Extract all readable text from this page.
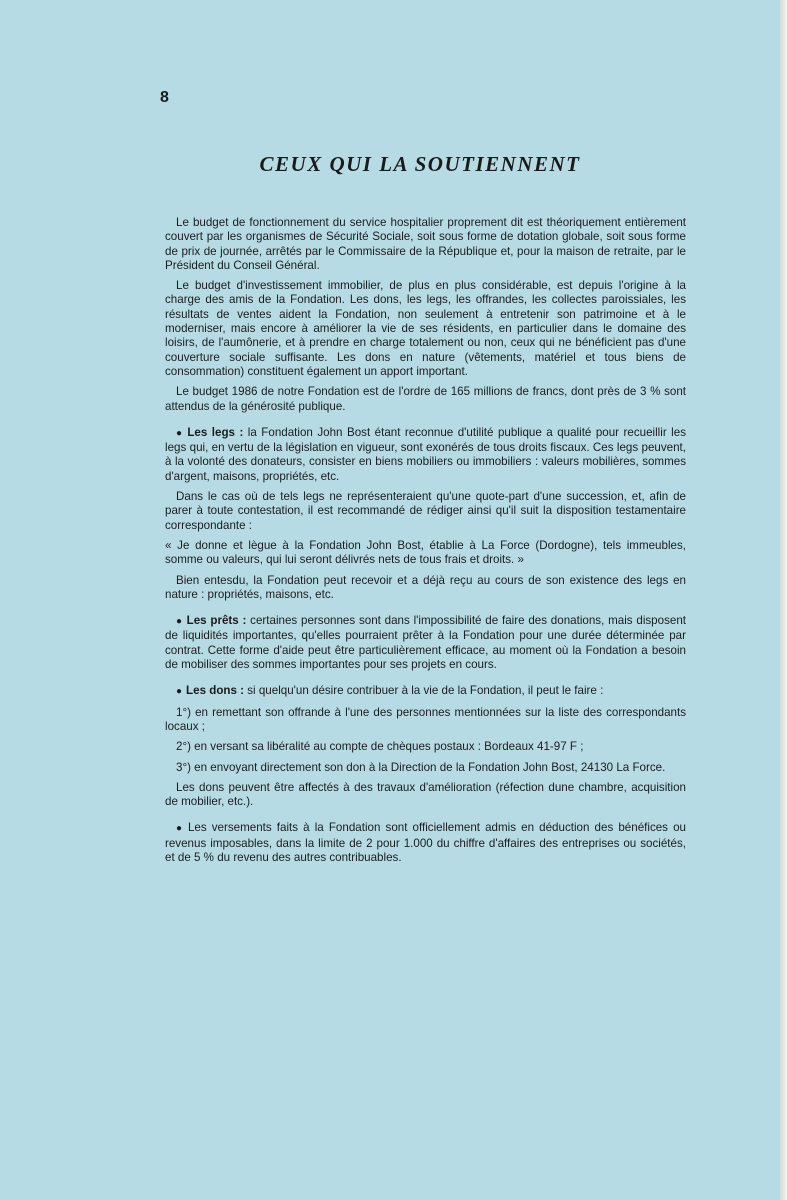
8
CEUX QUI LA SOUTIENNENT

Le budget de fonctionnement du service hospitalier proprement dit est théoriquement entièrement couvert par les organismes de Sécurité Sociale, soit sous forme de dotation globale, soit sous forme de prix de journée, arrêtés par le Commissaire de la République et, pour la maison de retraite, par le Président du Conseil Général.

Le budget d'investissement immobilier, de plus en plus considérable, est depuis l'origine à la charge des amis de la Fondation. Les dons, les legs, les offrandes, les collectes paroissiales, les résultats de ventes aident la Fondation, non seulement à entretenir son patrimoine et à le moderniser, mais encore à améliorer la vie de ses résidents, en particulier dans le domaine des loisirs, de l'aumônerie, et à prendre en charge totalement ou non, ceux qui ne bénéficient pas d'une couverture sociale suffisante. Les dons en nature (vêtements, matériel et tous biens de consommation) constituent également un apport important.

Le budget 1986 de notre Fondation est de l'ordre de 165 millions de francs, dont près de 3 % sont attendus de la générosité publique.

● Les legs : la Fondation John Bost étant reconnue d'utilité publique a qualité pour recueillir les legs qui, en vertu de la législation en vigueur, sont exonérés de tous droits fiscaux. Ces legs peuvent, à la volonté des donateurs, consister en biens mobiliers ou immobiliers : valeurs mobilières, sommes d'argent, maisons, propriétés, etc.

Dans le cas où de tels legs ne représenteraient qu'une quote-part d'une succession, et, afin de parer à toute contestation, il est recommandé de rédiger ainsi qu'il suit la disposition testamentaire correspondante :

« Je donne et lègue à la Fondation John Bost, établie à La Force (Dordogne), tels immeubles, somme ou valeurs, qui lui seront délivrés nets de tous frais et droits. »

Bien entesdu, la Fondation peut recevoir et a déjà reçu au cours de son existence des legs en nature : propriétés, maisons, etc.

● Les prêts : certaines personnes sont dans l'impossibilité de faire des donations, mais disposent de liquidités importantes, qu'elles pourraient prêter à la Fondation pour une durée déterminée par contrat. Cette forme d'aide peut être particulièrement efficace, au moment où la Fondation a besoin de mobiliser des sommes importantes pour ses projets en cours.

● Les dons : si quelqu'un désire contribuer à la vie de la Fondation, il peut le faire :

1°) en remettant son offrande à l'une des personnes mentionnées sur la liste des correspondants locaux ;

2°) en versant sa libéralité au compte de chèques postaux : Bordeaux 41-97 F ;

3°) en envoyant directement son don à la Direction de la Fondation John Bost, 24130 La Force.

Les dons peuvent être affectés à des travaux d'amélioration (réfection dune chambre, acquisition de mobilier, etc.).

● Les versements faits à la Fondation sont officiellement admis en déduction des bénéfices ou revenus imposables, dans la limite de 2 pour 1.000 du chiffre d'affaires des entreprises ou sociétés, et de 5 % du revenu des autres contribuables.
